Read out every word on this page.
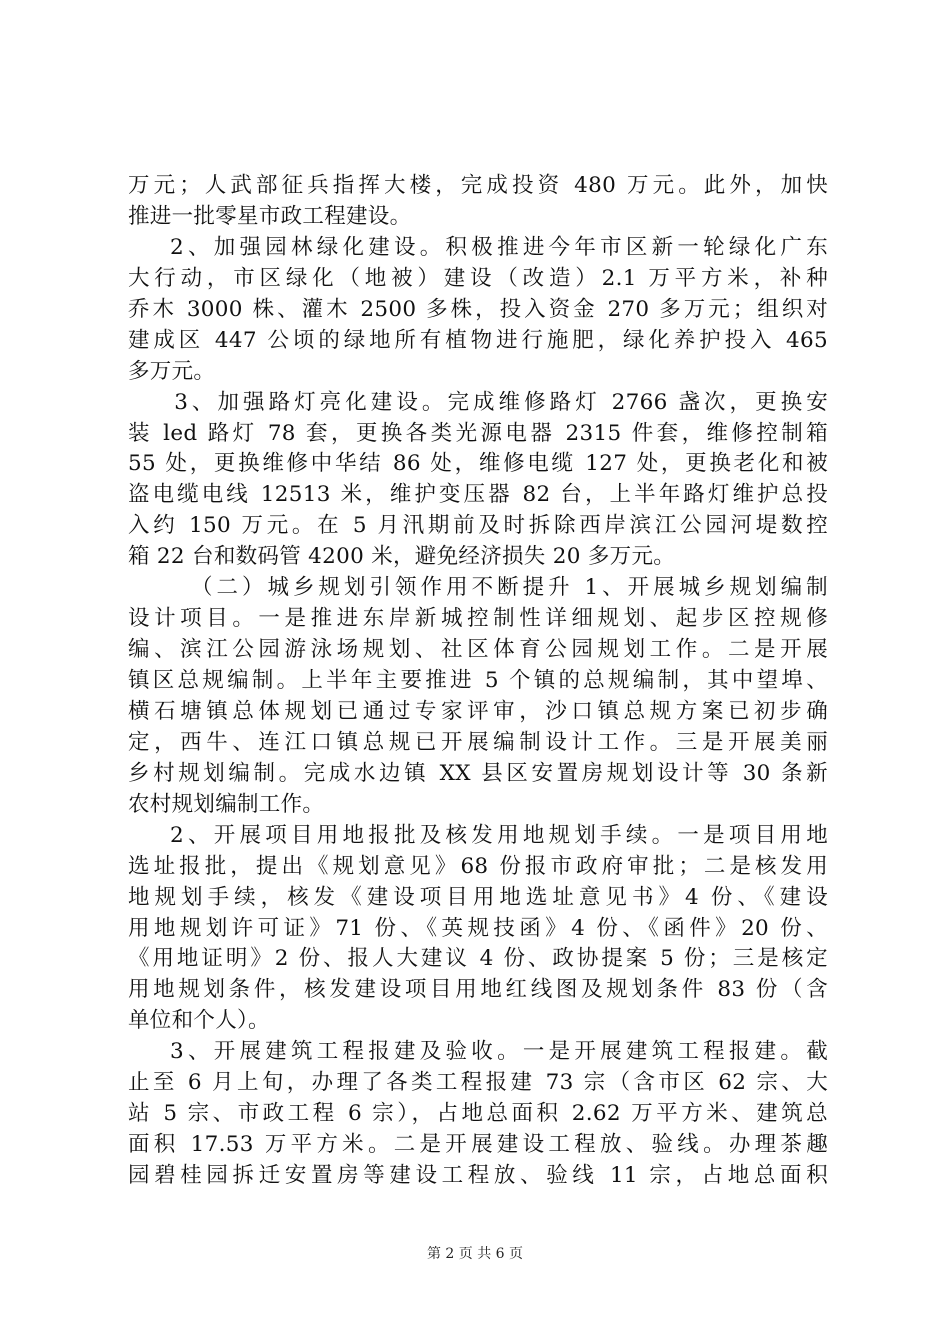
万元；人武部征兵指挥大楼，完成投资 480 万元。此外，加快
推进一批零星市政工程建设。
2、加强园林绿化建设。积极推进今年市区新一轮绿化广东
大行动，市区绿化（地被）建设（改造）2.1 万平方米，补种
乔木 3000 株、灌木 2500 多株，投入资金 270 多万元；组织对
建成区 447 公顷的绿地所有植物进行施肥，绿化养护投入 465
多万元。
3、加强路灯亮化建设。完成维修路灯 2766 盏次，更换安
装 led 路灯 78 套，更换各类光源电器 2315 件套，维修控制箱
55 处，更换维修中华结 86 处，维修电缆 127 处，更换老化和被
盗电缆电线 12513 米，维护变压器 82 台，上半年路灯维护总投
入约 150 万元。在 5 月汛期前及时拆除西岸滨江公园河堤数控
箱 22 台和数码管 4200 米，避免经济损失 20 多万元。
（二）城乡规划引领作用不断提升 1、开展城乡规划编制
设计项目。一是推进东岸新城控制性详细规划、起步区控规修
编、滨江公园游泳场规划、社区体育公园规划工作。二是开展
镇区总规编制。上半年主要推进 5 个镇的总规编制，其中望埠、
横石塘镇总体规划已通过专家评审，沙口镇总规方案已初步确
定，西牛、连江口镇总规已开展编制设计工作。三是开展美丽
乡村规划编制。完成水边镇 XX 县区安置房规划设计等 30 条新
农村规划编制工作。
2、开展项目用地报批及核发用地规划手续。一是项目用地
选址报批，提出《规划意见》68 份报市政府审批；二是核发用
地规划手续，核发《建设项目用地选址意见书》4 份、《建设
用地规划许可证》71 份、《英规技函》4 份、《函件》20 份、
《用地证明》2 份、报人大建议 4 份、政协提案 5 份；三是核定
用地规划条件，核发建设项目用地红线图及规划条件 83 份（含
单位和个人）。
3、开展建筑工程报建及验收。一是开展建筑工程报建。截
止至 6 月上旬，办理了各类工程报建 73 宗（含市区 62 宗、大
站 5 宗、市政工程 6 宗），占地总面积 2.62 万平方米、建筑总
面积 17.53 万平方米。二是开展建设工程放、验线。办理茶趣
园碧桂园拆迁安置房等建设工程放、验线 11 宗，占地总面积
第 2 页 共 6 页
